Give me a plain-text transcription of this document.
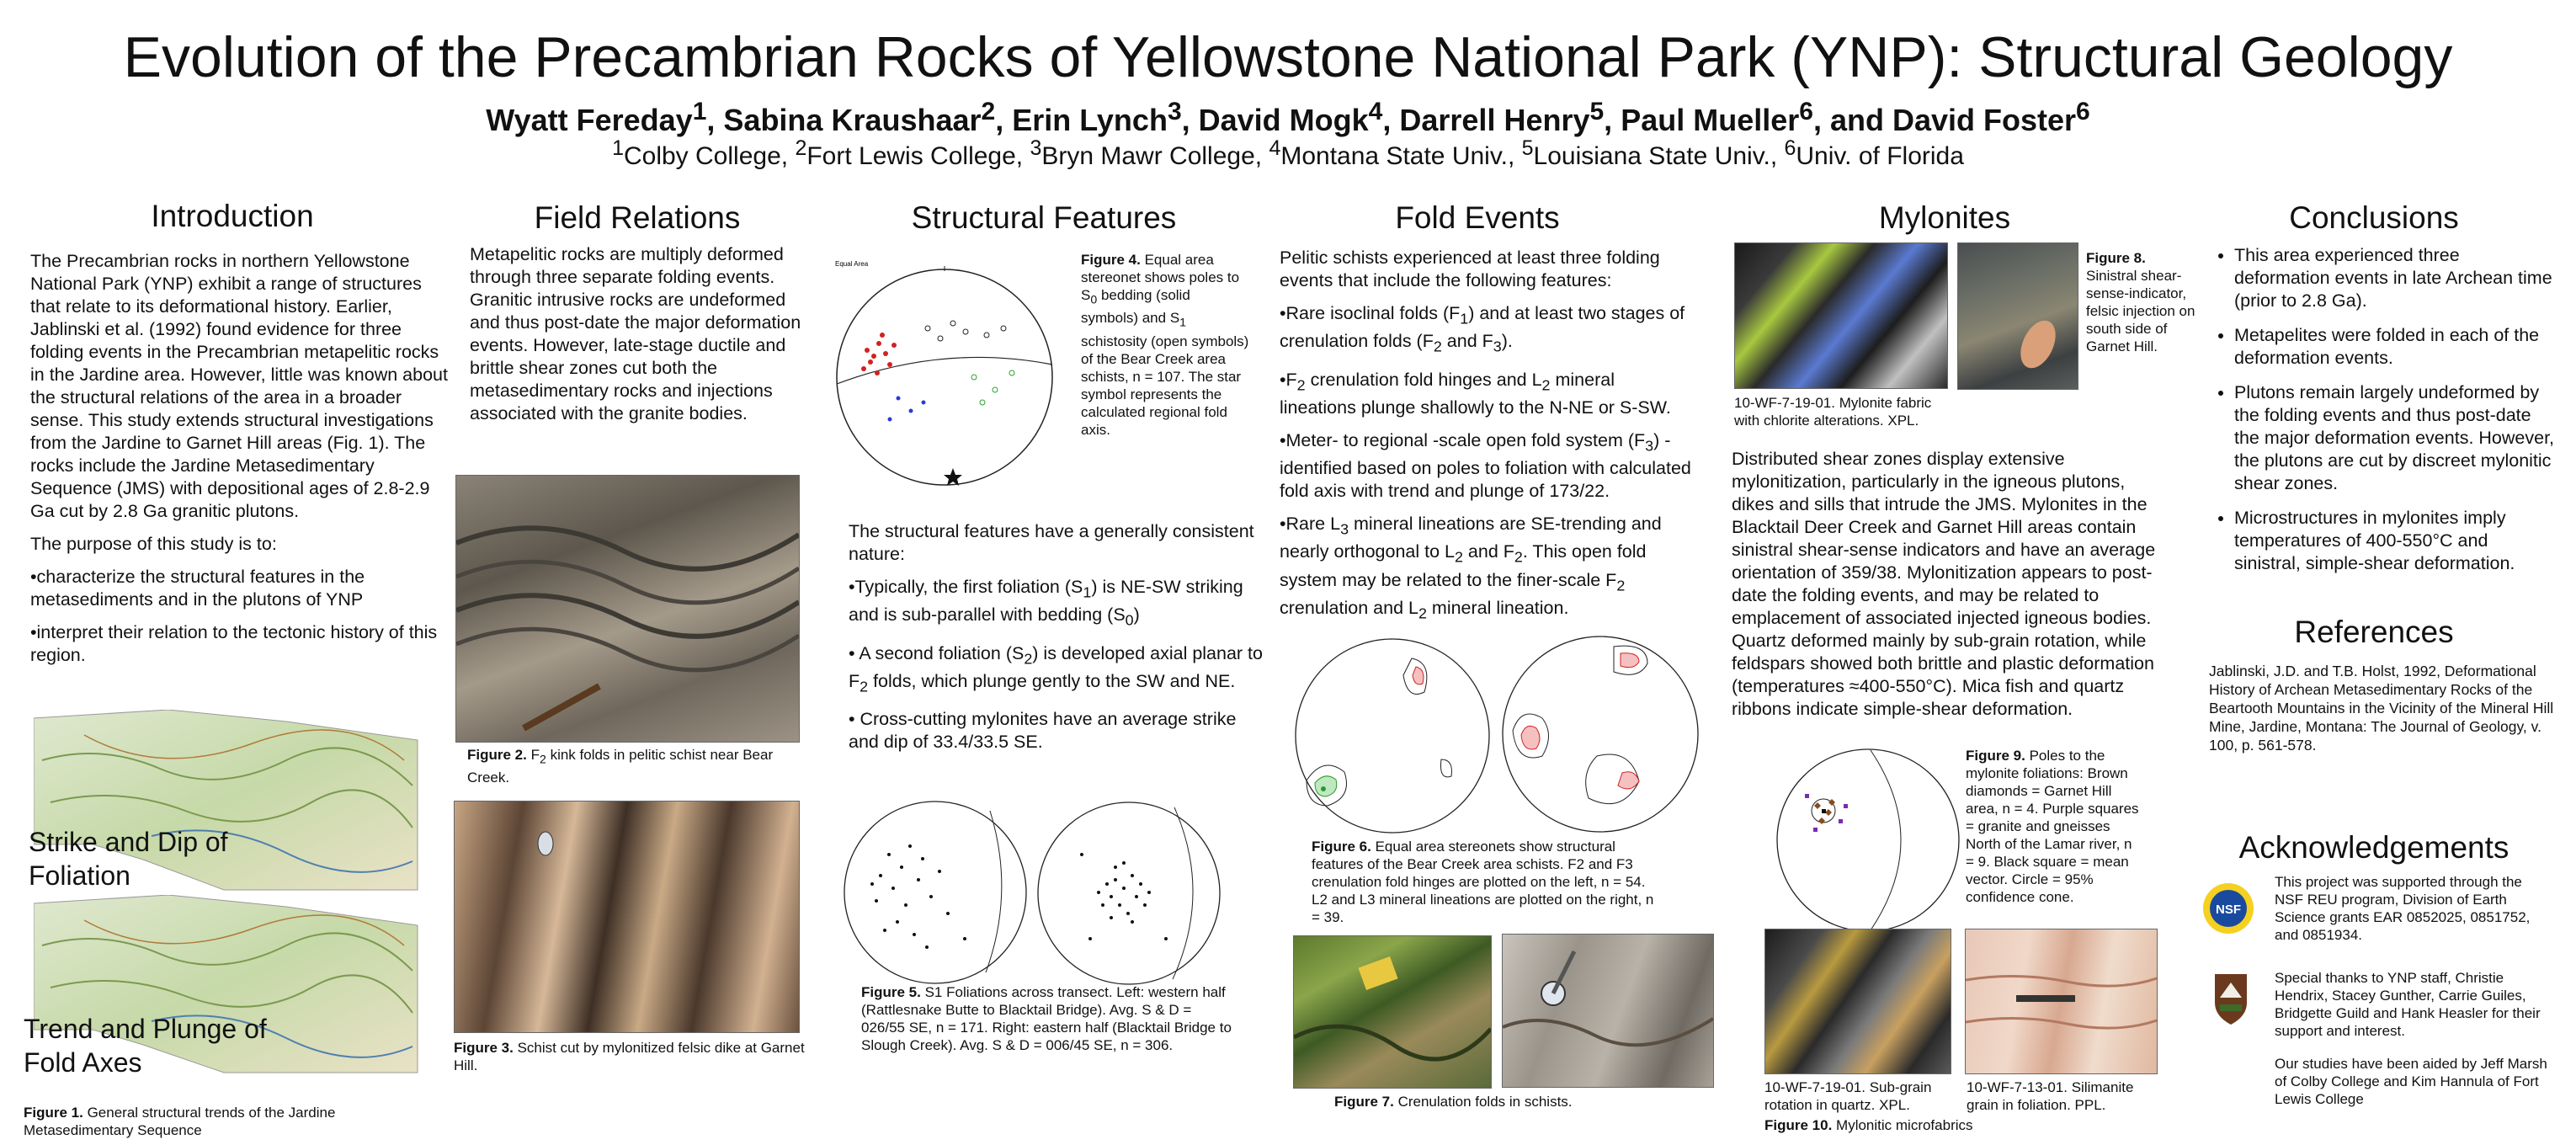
Evolution of the Precambrian Rocks of Yellowstone National Park (YNP): Structural Geology
Wyatt Fereday$^1$, Sabina Kraushaar$^2$, Erin Lynch$^3$, David Mogk$^4$, Darrell Henry$^5$, Paul Mueller$^6$, and David Foster$^6$
$^1$Colby College, $^2$Fort Lewis College, $^3$Bryn Mawr College, $^4$Montana State Univ., $^5$Louisiana State Univ., $^6$Univ. of Florida
Introduction

The Precambrian rocks in northern Yellowstone National Park (YNP) exhibit a range of structures that relate to its deformational history. Earlier, Jablinski et al. (1992) found evidence for three folding events in the Precambrian metapelitic rocks in the Jardine area. However, little was known about the structural relations of the area in a broader sense. This study extends structural investigations from the Jardine to Garnet Hill areas (Fig. 1). The rocks include the Jardine Metasedimentary Sequence (JMS) with depositional ages of 2.8-2.9 Ga cut by 2.8 Ga granitic plutons.

The purpose of this study is to:

•characterize the structural features in the metasediments and in the plutons of YNP

•interpret their relation to the tectonic history of this region.

Strike and Dip of Foliation
Trend and Plunge of Fold Axes
Figure 1. General structural trends of the Jardine Metasedimentary Sequence
Field Relations
Metapelitic rocks are multiply deformed through three separate folding events. Granitic intrusive rocks are undeformed and thus post-date the major deformation events. However, late-stage ductile and brittle shear zones cut both the metasedimentary rocks and injections associated with the granite bodies.
Figure 2. $F_2$ kink folds in pelitic schist near Bear Creek.
Figure 3. Schist cut by mylonitized felsic dike at Garnet Hill.
Structural Features
Equal Area	Figure 4. Equal area stereonet shows poles to $S_0$ bedding (solid symbols) and $S_1$ schistosity (open symbols) of the Bear Creek area schists, n = 107. The star symbol represents the calculated regional fold axis.

The structural features have a generally consistent nature:

•Typically, the first foliation $(S_1)$ is NE-SW striking and is sub-parallel with bedding $(S_0)$

• A second foliation $(S_2)$ is developed axial planar to $F_2$ folds, which plunge gently to the SW and NE.

• Cross-cutting mylonites have an average strike and dip of 33.4/33.5 SE.

Figure 5. S1 Foliations across transect. Left: western half (Rattlesnake Butte to Blacktail Bridge). Avg. S & D = 026/55 SE, n = 171. Right: eastern half (Blacktail Bridge to Slough Creek). Avg. S & D = 006/45 SE, n = 306.
Fold Events

Pelitic schists experienced at least three folding events that include the following features:

•Rare isoclinal folds $(F_1)$ and at least two stages of crenulation folds ($F_2$ and $F_3$).

$•F_2$ crenulation fold hinges and $L_2$ mineral lineations plunge shallowly to the N-NE or S-SW.

•Meter- to regional -scale open fold system $(F_3)$ -identified based on poles to foliation with calculated fold axis with trend and plunge of 173/22.

•Rare $L_3$ mineral lineations are SE-trending and nearly orthogonal to $L_2$ and $F_2$. This open fold system may be related to the finer-scale $F_2$ crenulation and $L_2$ mineral lineation.

Figure 6. Equal area stereonets show structural features of the Bear Creek area schists. F2 and F3 crenulation fold hinges are plotted on the left, n = 54. L2 and L3 mineral lineations are plotted on the right, n = 39.
Figure 7. Crenulation folds in schists.
Mylonites
10-WF-7-19-01. Mylonite fabric with chlorite alterations. XPL.
Figure 8. Sinistral shear-sense-indicator, felsic injection on south side of Garnet Hill.
Distributed shear zones display extensive mylonitization, particularly in the igneous plutons, dikes and sills that intrude the JMS. Mylonites in the Blacktail Deer Creek and Garnet Hill areas contain sinistral shear-sense indicators and have an average orientation of 359/38. Mylonitization appears to post-date the folding events, and may be related to emplacement of associated injected igneous bodies. Quartz deformed mainly by sub-grain rotation, while feldspars showed both brittle and plastic deformation (temperatures ≈400-550°C). Mica fish and quartz ribbons indicate simple-shear deformation.
Figure 9. Poles to the mylonite foliations: Brown diamonds = Garnet Hill area, n = 4. Purple squares = granite and gneisses North of the Lamar river, n = 9. Black square = mean vector. Circle = 95% confidence cone.
10-WF-7-19-01. Sub-grain rotation in quartz. XPL.
10-WF-7-13-01. Silimanite grain in foliation. PPL.
Figure 10. Mylonitic microfabrics
Conclusions
• This area experienced three deformation events in late Archean time (prior to 2.8 Ga).
• Metapelites were folded in each of the deformation events.
• Plutons remain largely undeformed by the folding events and thus post-date the major deformation events. However, the plutons are cut by discreet mylonitic shear zones.
• Microstructures in mylonites imply temperatures of 400-550°C and sinistral, simple-shear deformation.
References
Jablinski, J.D. and T.B. Holst, 1992, Deformational History of Archean Metasedimentary Rocks of the Beartooth Mountains in the Vicinity of the Mineral Hill Mine, Jardine, Montana: The Journal of Geology, v. 100, p. 561-578.
Acknowledgements
NSF
This project was supported through the NSF REU program, Division of Earth Science grants EAR 0852025, 0851752, and 0851934.
Special thanks to YNP staff, Christie Hendrix, Stacey Gunther, Carrie Guiles, Bridgette Guild and Hank Heasler for their support and interest.
Our studies have been aided by Jeff Marsh of Colby College and Kim Hannula of Fort Lewis College
